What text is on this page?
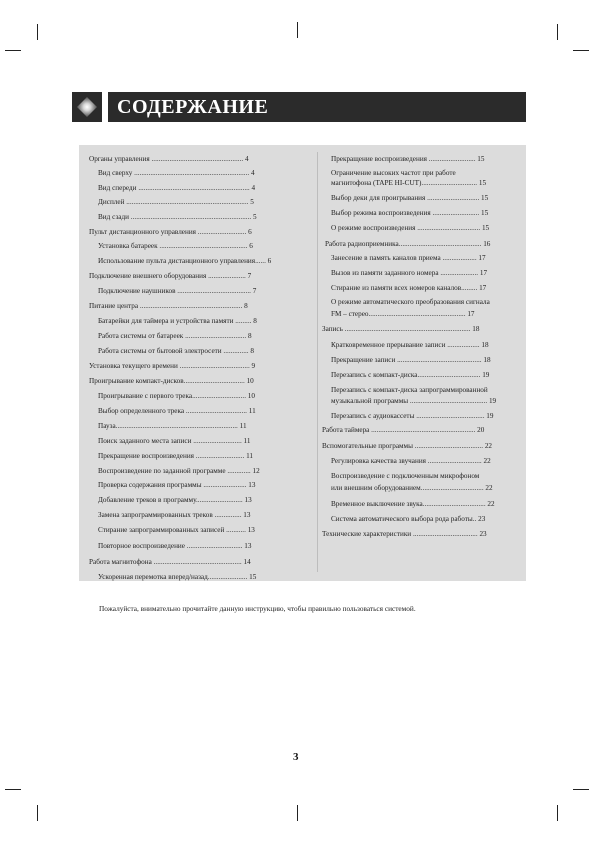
СОДЕРЖАНИЕ
Органы управления ................................................... 4
Вид сверху ................................................................ 4
Вид спереди .............................................................. 4
Дисплей .................................................................... 5
Вид сзади ................................................................... 5
Пульт дистанционного управления ........................... 6
Установка батареек ................................................. 6
Использование пульта дистанционного управления...... 6
Подключение внешнего оборудования ..................... 7
Подключение наушников ......................................... 7
Питание центра ......................................................... 8
Батарейки для таймера и устройства памяти ......... 8
Работа системы от батареек .................................. 8
Работа системы от бытовой электросети .............. 8
Установка текущего времени ....................................... 9
Проигрывание компакт-дисков.................................. 10
Проигрывание с первого трека.............................. 10
Выбор определенного трека .................................. 11
Пауза.................................................................... 11
Поиск заданного места записи ........................... 11
Прекращение воспроизведения ........................... 11
Воспроизведение по заданной программе ............. 12
Проверка содержания программы ........................ 13
Добавление треков в программу.......................... 13
Замена запрограммированных треков ............... 13
Стирание запрограммированных записей ........... 13
Повторное воспроизведение ............................... 13
Работа магнитофона ................................................. 14
Ускоренная перемотка вперед/назад...................... 15
Прекращение воспроизведения .......................... 15
Ограничение высоких частот при работе
магнитофона (TAPE HI-CUT)............................... 15
Выбор деки для проигрывания ............................. 15
Выбор режима воспроизведения .......................... 15
О режиме воспроизведения ................................... 15
Работа радиоприемника.............................................. 16
Занесение в память каналов приема ................... 17
Вызов из памяти заданного номера ..................... 17
Стирание из памяти всех номеров каналов......... 17
О режиме автоматического преобразования сигнала
FM – стерео...................................................... 17
Запись ...................................................................... 18
Кратковременное прерывание записи .................. 18
Прекращение записи ............................................... 18
Перезапись с компакт-диска................................... 19
Перезапись с компакт-диска запрограммированной
музыкальной программы ........................................... 19
Перезапись с аудиокассеты ...................................... 19
Работа таймера .......................................................... 20
Вспомогательные программы ...................................... 22
Регулировка качества звучания .............................. 22
Воспроизведение с подключенным микрофоном
или внешним оборудованием................................... 22
Временное выключение звука................................... 22
Система автоматического выбора рода работы.. 23
Технические характеристики .................................... 23
Пожалуйста, внимательно прочитайте данную инструкцию, чтобы правильно пользоваться системой.
3
